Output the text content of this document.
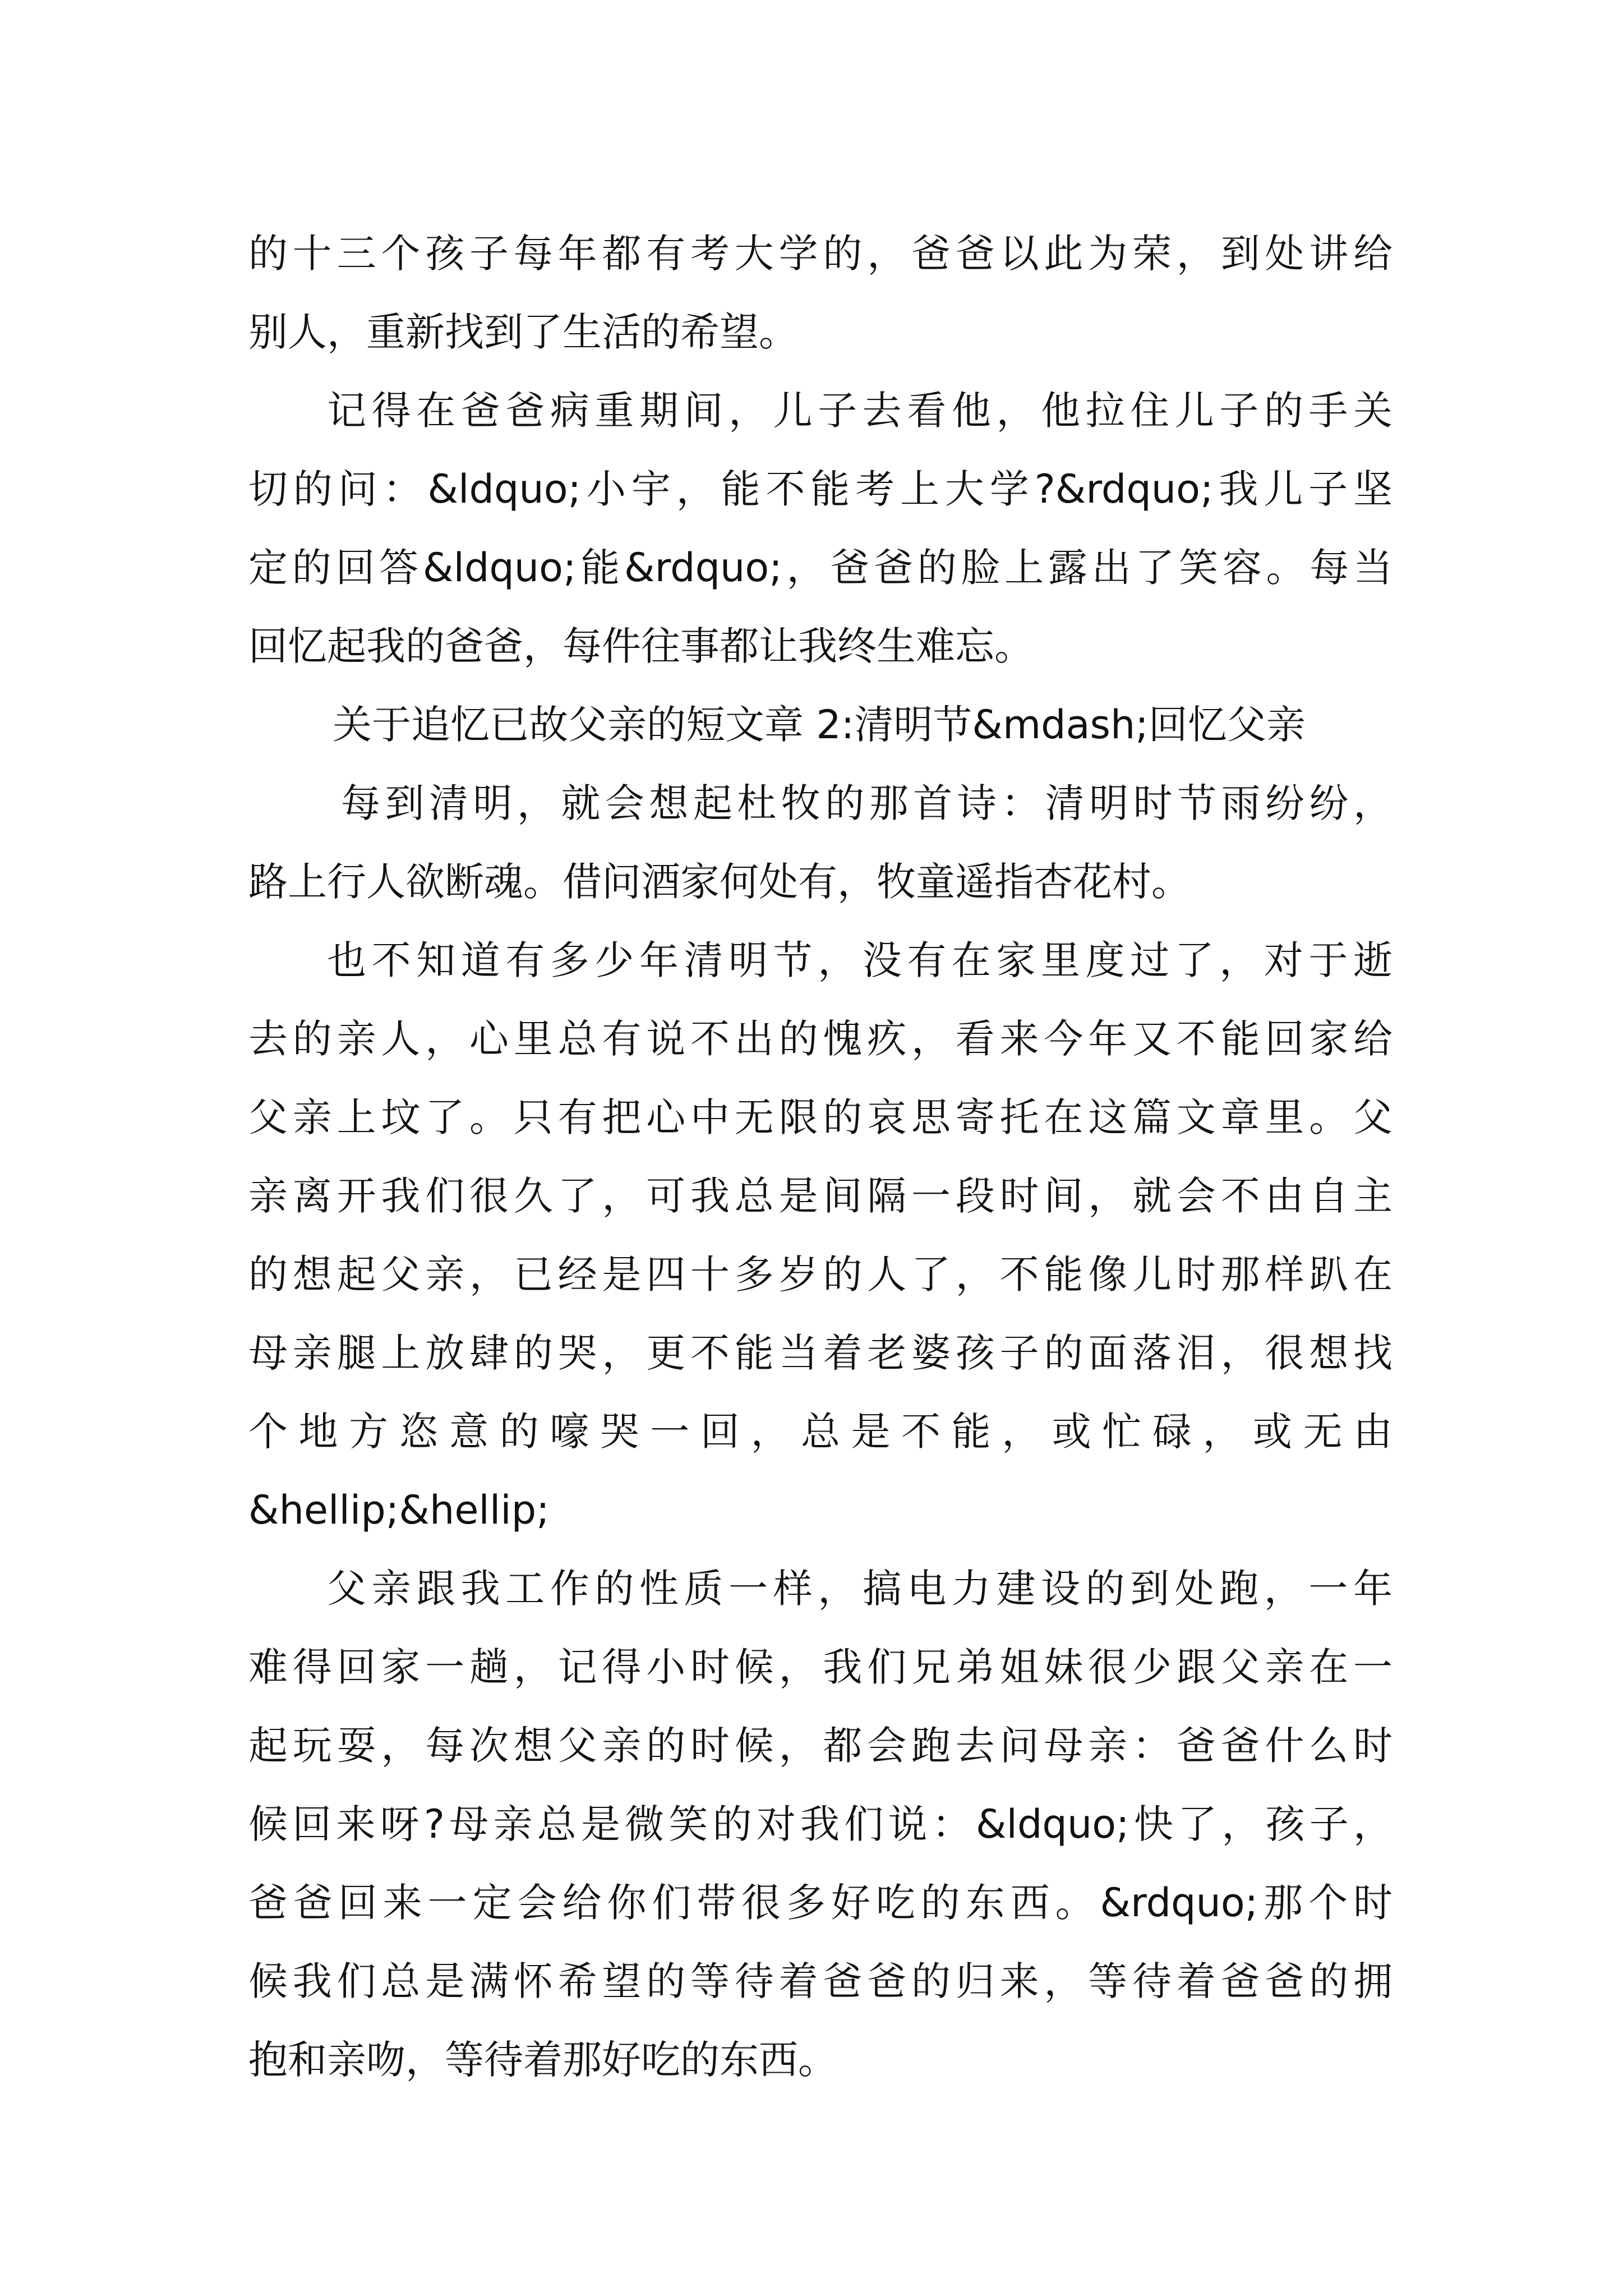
的十三个孩子每年都有考大学的，爸爸以此为荣，到处讲给
别人，重新找到了生活的希望。
记得在爸爸病重期间，儿子去看他，他拉住儿子的手关
切的问：&ldquo;小宇，能不能考上大学?&rdquo;我儿子坚
定的回答&ldquo;能&rdquo;，爸爸的脸上露出了笑容。每当
回忆起我的爸爸，每件往事都让我终生难忘。
关于追忆已故父亲的短文章 2:清明节&mdash;回忆父亲
每到清明，就会想起杜牧的那首诗：清明时节雨纷纷，
路上行人欲断魂。借问酒家何处有，牧童遥指杏花村。
也不知道有多少年清明节，没有在家里度过了，对于逝
去的亲人，心里总有说不出的愧疚，看来今年又不能回家给
父亲上坟了。只有把心中无限的哀思寄托在这篇文章里。父
亲离开我们很久了，可我总是间隔一段时间，就会不由自主
的想起父亲，已经是四十多岁的人了，不能像儿时那样趴在
母亲腿上放肆的哭，更不能当着老婆孩子的面落泪，很想找
个地方恣意的嚎哭一回，总是不能，或忙碌，或无由
&hellip;&hellip;
父亲跟我工作的性质一样，搞电力建设的到处跑，一年
难得回家一趟，记得小时候，我们兄弟姐妹很少跟父亲在一
起玩耍，每次想父亲的时候，都会跑去问母亲：爸爸什么时
候回来呀?母亲总是微笑的对我们说：&ldquo;快了，孩子，
爸爸回来一定会给你们带很多好吃的东西。&rdquo;那个时
候我们总是满怀希望的等待着爸爸的归来，等待着爸爸的拥
抱和亲吻，等待着那好吃的东西。
